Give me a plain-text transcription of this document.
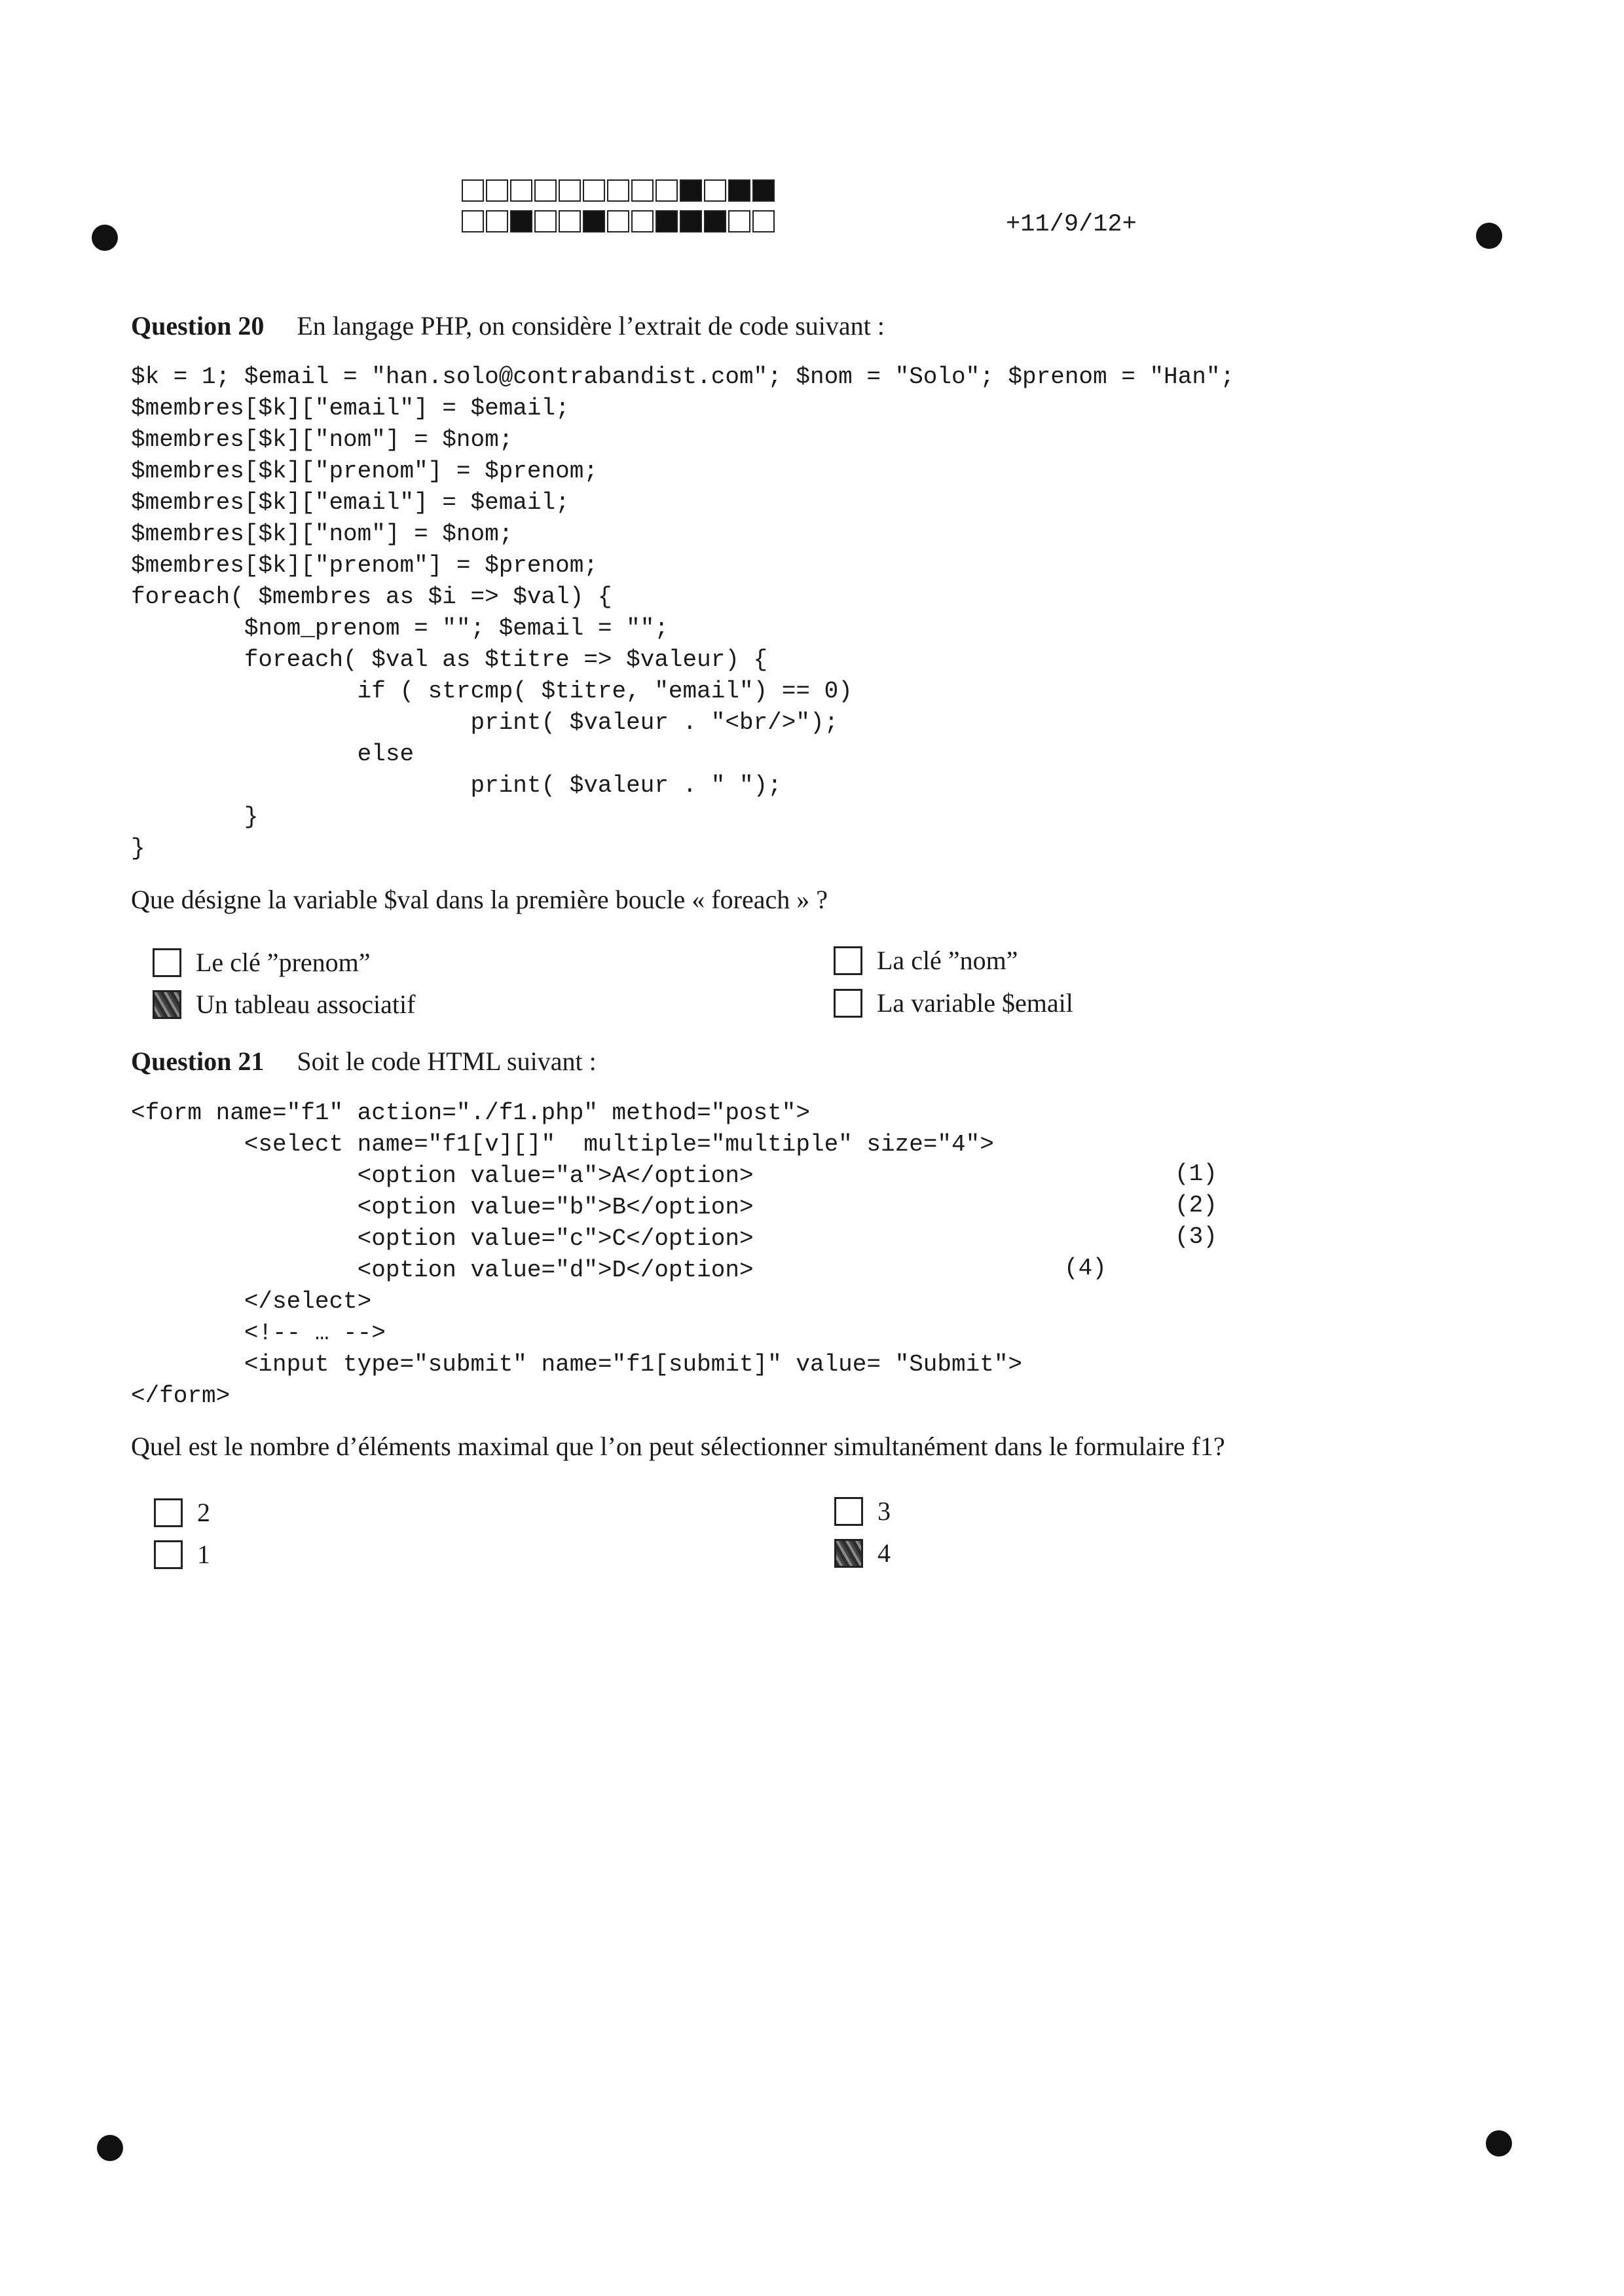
+11/9/12+
Question 20 En langage PHP, on considère l’extrait de code suivant :
$k = 1; $email = "han.solo@contrabandist.com"; $nom = "Solo"; $prenom = "Han";
$membres[$k]["email"] = $email;
$membres[$k]["nom"] = $nom;
$membres[$k]["prenom"] = $prenom;
$membres[$k]["email"] = $email;
$membres[$k]["nom"] = $nom;
$membres[$k]["prenom"] = $prenom;
foreach( $membres as $i => $val) {
$nom_prenom = ""; $email = "";
foreach( $val as $titre => $valeur) {
if ( strcmp( $titre, "email") == 0)
print( $valeur . "<br/>");
else
print( $valeur . " ");
}
}
Que désigne la variable $val dans la première boucle « foreach » ?
Le clé ”prenom”	La clé ”nom”
Un tableau associatif	La variable $email
Question 21 Soit le code HTML suivant :
<form name="f1" action="./f1.php" method="post">
<select name="f1[v][]"  multiple="multiple" size="4">
<option value="a">A</option>
<option value="b">B</option>
<option value="c">C</option>
<option value="d">D</option>
</select>
<!-- … -->
<input type="submit" name="f1[submit]" value= "Submit">
</form>
(1)
(2)
(3)
(4)
Quel est le nombre d’éléments maximal que l’on peut sélectionner simultanément dans le formulaire f1?
2	3
1	4
